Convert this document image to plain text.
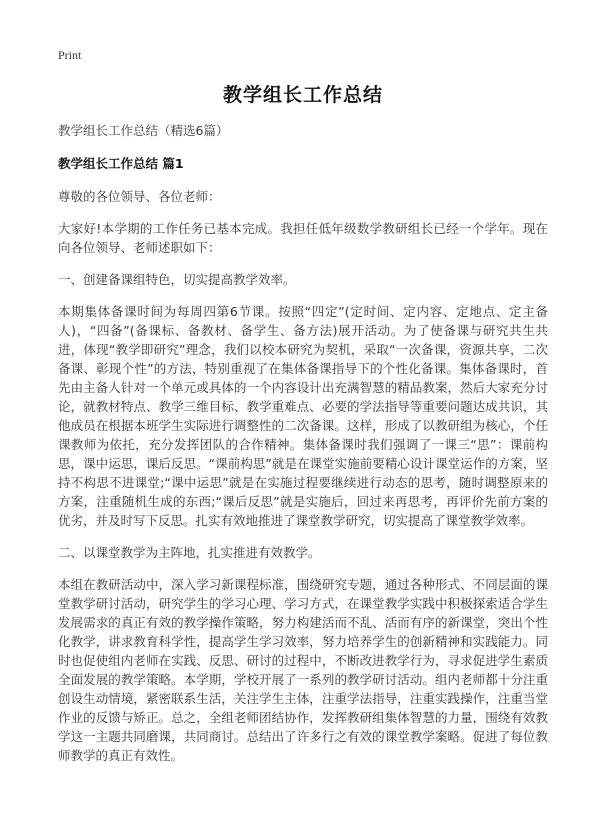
Print
教学组长工作总结
教学组长工作总结（精选6篇）
教学组长工作总结 篇1
尊敬的各位领导、各位老师：
大家好!本学期的工作任务已基本完成。我担任低年级数学教研组长已经一个学年。现在向各位领导、老师述职如下：
一、创建备课组特色，切实提高教学效率。
本期集体备课时间为每周四第6节课。按照“四定”(定时间、定内容、定地点、定主备人)，“四备”(备课标、备教材、备学生、备方法)展开活动。为了使备课与研究共生共进，体现“教学即研究”理念，我们以校本研究为契机，采取“一次备课，资源共享，二次备课、彰现个性”的方法，特别重视了在集体备课指导下的个性化备课。集体备课时，首先由主备人针对一个单元或具体的一个内容设计出充满智慧的精品教案，然后大家充分讨论，就教材特点、教学三维目标、教学重难点、必要的学法指导等重要问题达成共识，其他成员在根据本班学生实际进行调整性的二次备课。这样，形成了以教研组为核心，个任课教师为依托，充分发挥团队的合作精神。集体备课时我们强调了一课三“思”：课前构思，课中运思，课后反思。“课前构思”就是在课堂实施前要精心设计课堂运作的方案，坚持不构思不进课堂;“课中运思”就是在实施过程要继续进行动态的思考，随时调整原来的方案，注重随机生成的东西;“课后反思”就是实施后，回过来再思考，再评价先前方案的优劣，并及时写下反思。扎实有效地推进了课堂教学研究，切实提高了课堂教学效率。
二、以课堂教学为主阵地，扎实推进有效教学。
本组在教研活动中，深入学习新课程标准，围绕研究专题，通过各种形式、不同层面的课堂教学研讨活动，研究学生的学习心理、学习方式，在课堂教学实践中积极探索适合学生发展需求的真正有效的教学操作策略，努力构建活而不乱、活而有序的新课堂，突出个性化教学，讲求教育科学性，提高学生学习效率，努力培养学生的创新精神和实践能力。同时也促使组内老师在实践、反思、研讨的过程中，不断改进教学行为，寻求促进学生素质全面发展的教学策略。本学期，学校开展了一系列的教学研讨活动。组内老师都十分注重创设生动情境，紧密联系生活，关注学生主体，注重学法指导，注重实践操作，注重当堂作业的反馈与矫正。总之，全组老师团结协作，发挥教研组集体智慧的力量，围绕有效教学这一主题共同磨课，共同商讨。总结出了许多行之有效的课堂教学案略。促进了每位教师教学的真正有效性。
